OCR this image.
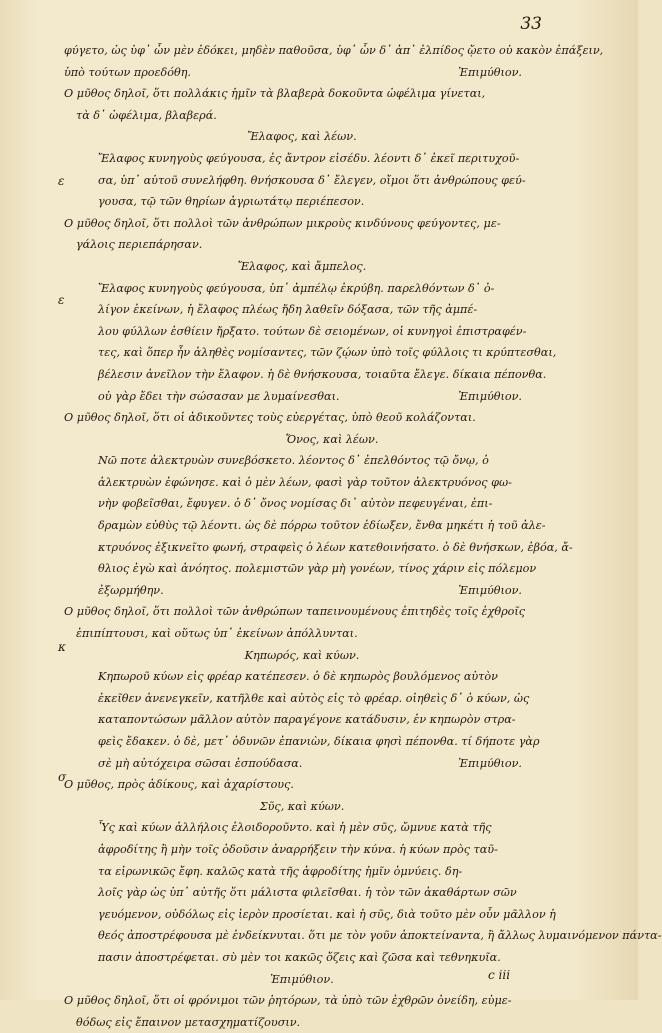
33
φύγετο, ὡς ὑφ᾽ ὧν μὲν ἐδόκει, μηδὲν παθοῦσα, ὑφ᾽ ὧν δ᾽ ἀπ᾽ ἐλπίδος ᾤετο οὐ κακὸν ἐπάξειν,
ὑπὸ τούτων προεδόθη.	Ἐπιμύθιον.
Ο μῦθος δηλοῖ, ὅτι πολλάκις ἡμῖν τὰ βλαβερὰ δοκοῦντα ὠφέλιμα γίνεται,
τὰ δ᾽ ὠφέλιμα, βλαβερά.
Ἔλαφος, καὶ λέων.
Ἔλαφος κυνηγοὺς φεύγουσα, ἐς ἄντρον εἰσέδυ. λέοντι δ᾽ ἐκεῖ περιτυχοῦ-
σα, ὑπ᾽ αὐτοῦ συνελήφθη. θνήσκουσα δ᾽ ἔλεγεν, οἴμοι ὅτι ἀνθρώπους φεύ-
γουσα, τῷ τῶν θηρίων ἀγριωτάτῳ περιέπεσον.
Ο μῦθος δηλοῖ, ὅτι πολλοὶ τῶν ἀνθρώπων μικροὺς κινδύνους φεύγοντες, με-
γάλοις περιεπάρησαν.
Ἔλαφος, καὶ ἄμπελος.
Ἔλαφος κυνηγοὺς φεύγουσα, ὑπ᾽ ἀμπέλῳ ἐκρύβη. παρελθόντων δ᾽ ὀ-
λίγον ἐκείνων, ἡ ἔλαφος πλέως ἤδη λαθεῖν δόξασα, τῶν τῆς ἀμπέ-
λου φύλλων ἐσθίειν ἤρξατο. τούτων δὲ σειομένων, οἱ κυνηγοὶ ἐπιστραφέν-
τες, καὶ ὅπερ ἦν ἀληθὲς νομίσαντες, τῶν ζῴων ὑπὸ τοῖς φύλλοις τι κρύπτεσθαι,
βέλεσιν ἀνεῖλον τὴν ἔλαφον. ἡ δὲ θνήσκουσα, τοιαῦτα ἔλεγε. δίκαια πέπονθα.
οὐ γὰρ ἔδει τὴν σώσασαν με λυμαίνεσθαι.	Ἐπιμύθιον.
Ο μῦθος δηλοῖ, ὅτι οἱ ἀδικοῦντες τοὺς εὐεργέτας, ὑπὸ θεοῦ κολάζονται.
Ὄνος, καὶ λέων.
Νῶ ποτε ἀλεκτρυὼν συνεβόσκετο. λέοντος δ᾽ ἐπελθόντος τῷ ὄνῳ, ὁ
ἀλεκτρυὼν ἐφώνησε. καὶ ὁ μὲν λέων, φασὶ γὰρ τοῦτον ἀλεκτρυόνος φω-
νὴν φοβεῖσθαι, ἔφυγεν. ὁ δ᾽ ὄνος νομίσας δι᾽ αὐτὸν πεφευγέναι, ἐπι-
δραμὼν εὐθὺς τῷ λέοντι. ὡς δὲ πόρρω τοῦτον ἐδίωξεν, ἔνθα μηκέτι ἡ τοῦ ἀλε-
κτρυόνος ἐξικνεῖτο φωνή, στραφεὶς ὁ λέων κατεθοινήσατο. ὁ δὲ θνήσκων, ἐβόα, ἄ-
θλιος ἐγὼ καὶ ἀνόητος. πολεμιστῶν γὰρ μὴ γονέων, τίνος χάριν εἰς πόλεμον
ἐξωρμήθην.	Ἐπιμύθιον.
Ο μῦθος δηλοῖ, ὅτι πολλοὶ τῶν ἀνθρώπων ταπεινουμένους ἐπιτηδὲς τοῖς ἐχθροῖς
ἐπιπίπτουσι, καὶ οὕτως ὑπ᾽ ἐκείνων ἀπόλλυνται.
Κηπωρός, καὶ κύων.
Κηπωροῦ κύων εἰς φρέαρ κατέπεσεν. ὁ δὲ κηπωρὸς βουλόμενος αὐτὸν
ἐκεῖθεν ἀνενεγκεῖν, κατῆλθε καὶ αὐτὸς εἰς τὸ φρέαρ. οἰηθεὶς δ᾽ ὁ κύων, ὡς
καταποντώσων μᾶλλον αὐτὸν παραγέγονε κατάδυσιν, ἐν κηπωρὸν στρα-
φεὶς ἔδακεν. ὁ δὲ, μετ᾽ ὀδυνῶν ἐπανιὼν, δίκαια φησὶ πέπονθα. τί δήποτε γὰρ
σὲ μὴ αὐτόχειρα σῶσαι ἐσπούδασα.	Ἐπιμύθιον.
Ο μῦθος, πρὸς ἀδίκους, καὶ ἀχαρίστους.
Σῦς, καὶ κύων.
Ὗς καὶ κύων ἀλλήλοις ἐλοιδοροῦντο. καὶ ἡ μὲν σῦς, ὤμνυε κατὰ τῆς
ἀφροδίτης ἢ μὴν τοῖς ὀδοῦσιν ἀναρρήξειν τὴν κύνα. ἡ κύων πρὸς ταῦ-
τα εἰρωνικῶς ἔφη. καλῶς κατὰ τῆς ἀφροδίτης ἡμῖν ὀμνύεις. δη-
λοῖς γὰρ ὡς ὑπ᾽ αὐτῆς ὅτι μάλιστα φιλεῖσθαι. ἡ τὸν τῶν ἀκαθάρτων σῶν
γευόμενον, οὐδόλως εἰς ἱερὸν προσίεται. καὶ ἡ σῦς, διὰ τοῦτο μὲν οὖν μᾶλλον ἡ
θεός ἀποστρέφουσα μὲ ἐνδείκνυται. ὅτι με τὸν γοῦν ἀποκτείναντα, ἢ ἄλλως λυμαινόμενον πάντα-
πασιν ἀποστρέφεται. σὺ μὲν τοι κακῶς ὄζεις καὶ ζῶσα καὶ τεθνηκυῖα.
Ἐπιμύθιον.
Ο μῦθος δηλοῖ, ὅτι οἱ φρόνιμοι τῶν ῥητόρων, τὰ ὑπὸ τῶν ἐχθρῶν ὀνείδη, εὐμε-
θόδως εἰς ἔπαινον μετασχηματίζουσιν.
ε
ε
κ
σ
c iii
